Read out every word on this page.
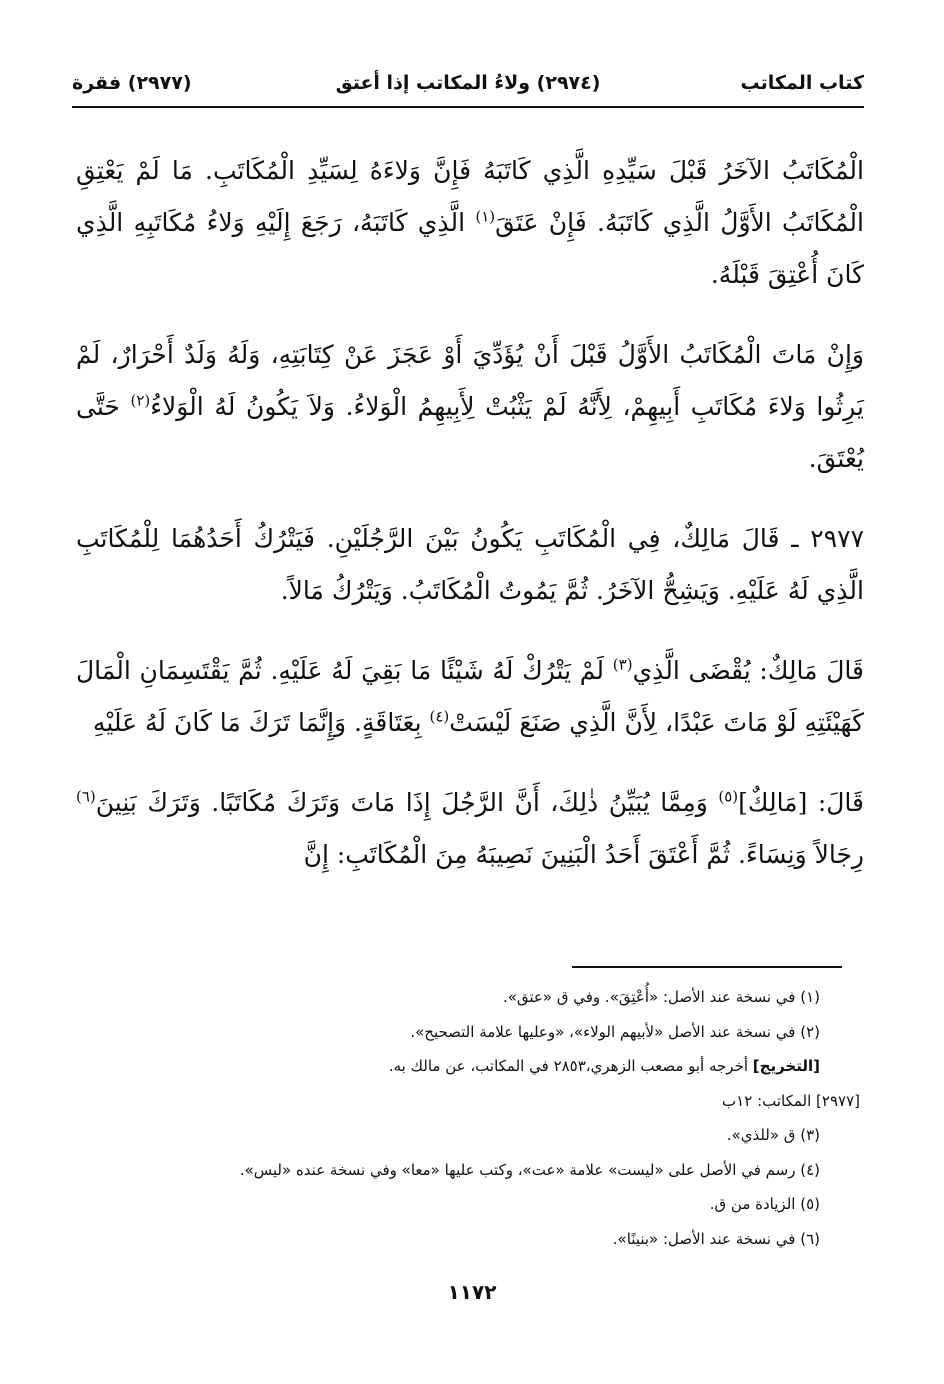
كتاب المكاتب
(٢٩٧٤) ولاءُ المكاتب إذا أعتق
(٢٩٧٧) فقرة

الْمُكَاتَبُ الآخَرُ قَبْلَ سَيِّدِهِ الَّذِي كَاتَبَهُ فَإِنَّ وَلاءَهُ لِسَيِّدِ الْمُكَاتَبِ. مَا لَمْ يَعْتِقِ الْمُكَاتَبُ الأَوَّلُ الَّذِي كَاتَبَهُ. فَإِنْ عَتَقَ$^{(١)}$ الَّذِي كَاتَبَهُ، رَجَعَ إِلَيْهِ وَلاءُ مُكَاتَبِهِ الَّذِي كَانَ أُعْتِقَ قَبْلَهُ.

وَإِنْ مَاتَ الْمُكَاتَبُ الأَوَّلُ قَبْلَ أَنْ يُؤَدِّيَ أَوْ عَجَزَ عَنْ كِتَابَتِهِ، وَلَهُ وَلَدٌ أَحْرَارٌ، لَمْ يَرِثُوا وَلاءَ مُكَاتَبِ أَبِيهِمْ، لِأَنَّهُ لَمْ يَثْبُتْ لِأَبِيهِمُ الْوَلاءُ. وَلاَ يَكُونُ لَهُ الْوَلاءُ$^{(٢)}$ حَتَّى يُعْتَقَ.

٢٩٧٧ ـ قَالَ مَالِكٌ، فِي الْمُكَاتَبِ يَكُونُ بَيْنَ الرَّجُلَيْنِ. فَيَتْرُكُ أَحَدُهُمَا لِلْمُكَاتَبِ الَّذِي لَهُ عَلَيْهِ. وَيَشِحُّ الآخَرُ. ثُمَّ يَمُوتُ الْمُكَاتَبُ. وَيَتْرُكُ مَالاً.

قَالَ مَالِكٌ: يُقْضَى الَّذِي$^{(٣)}$ لَمْ يَتْرُكْ لَهُ شَيْئًا مَا بَقِيَ لَهُ عَلَيْهِ. ثُمَّ يَقْتَسِمَانِ الْمَالَ كَهَيْئَتِهِ لَوْ مَاتَ عَبْدًا، لِأَنَّ الَّذِي صَنَعَ لَيْسَتْ$^{(٤)}$ بِعَتَاقَةٍ. وَإِنَّمَا تَرَكَ مَا كَانَ لَهُ عَلَيْهِ

قَالَ: [مَالِكٌ]$^{(٥)}$ وَمِمَّا يُبَيِّنُ ذٰلِكَ، أَنَّ الرَّجُلَ إِذَا مَاتَ وَتَرَكَ مُكَاتَبًا. وَتَرَكَ بَنِينَ$^{(٦)}$ رِجَالاً وَنِسَاءً. ثُمَّ أَعْتَقَ أَحَدُ الْبَنِينَ نَصِيبَهُ مِنَ الْمُكَاتَبِ: إِنَّ

(١) في نسخة عند الأصل: «أُعْتِقَ». وفي ق «عتق».
(٢) في نسخة عند الأصل «لأبيهم الولاء»، «وعليها علامة التصحيح».
[التخريج] أخرجه أبو مصعب الزهري،٢٨٥٣ في المكاتب، عن مالك به.
[٢٩٧٧] المكاتب: ١٢ب
(٣) ق «للذي».
(٤) رسم في الأصل على «ليست» علامة «عت»، وكتب عليها «معا» وفي نسخة عنده «ليس».
(٥) الزيادة من ق.
(٦) في نسخة عند الأصل: «بنينًا».
١١٧٢
